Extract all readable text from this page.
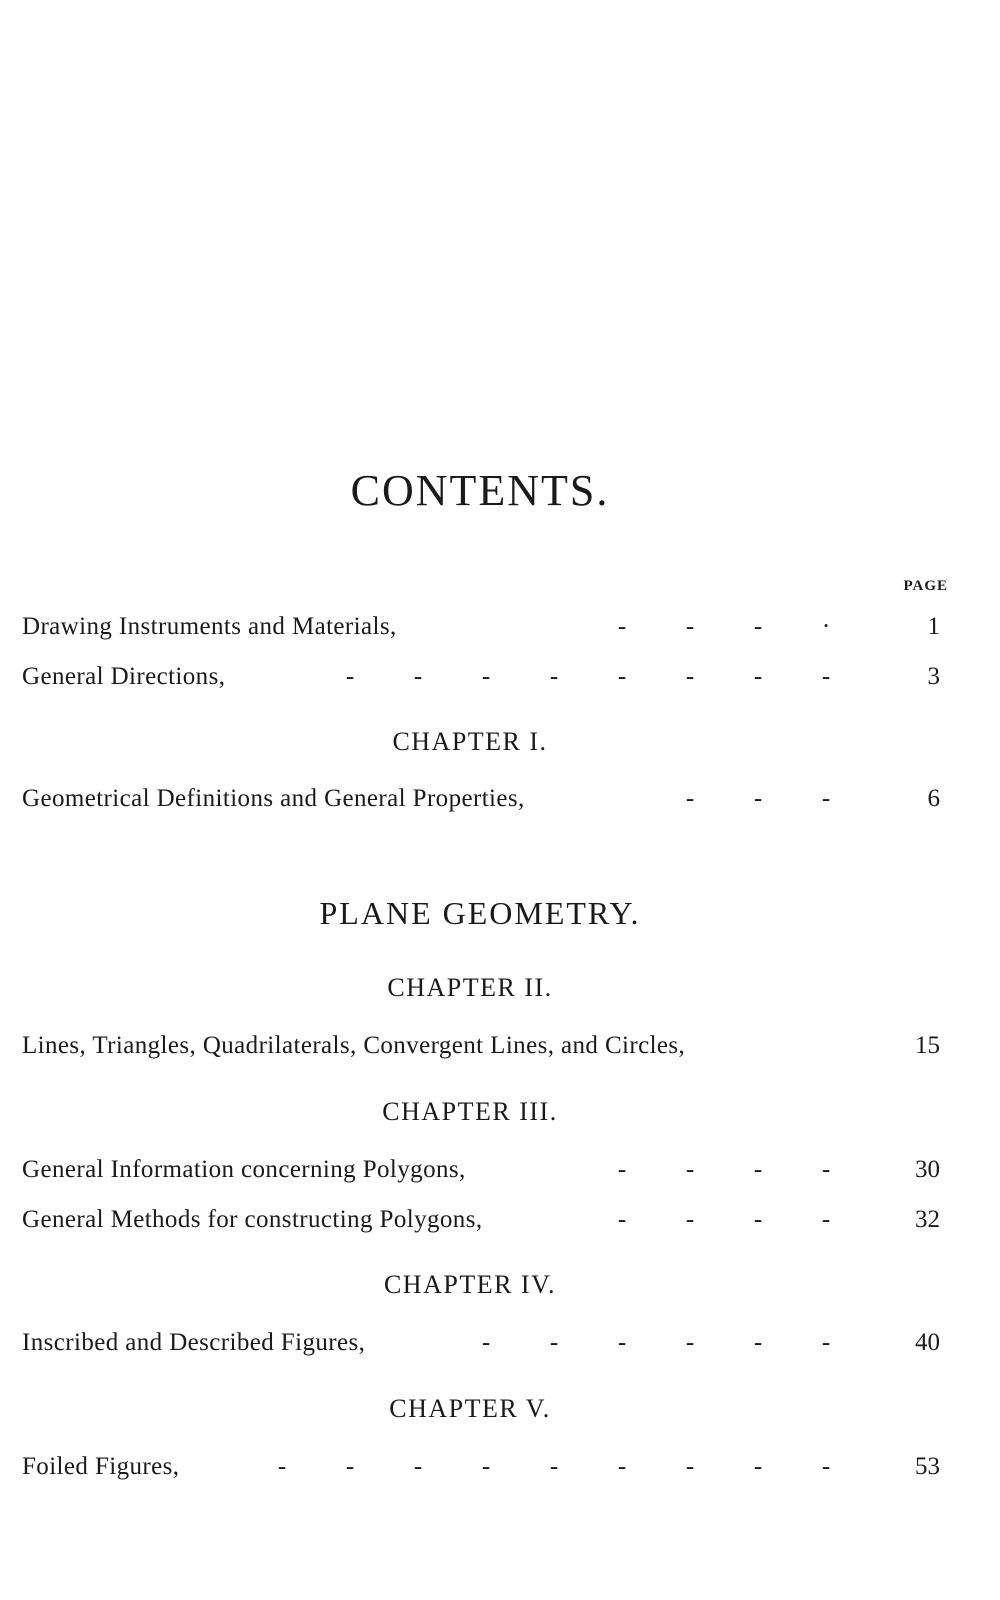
CONTENTS.
PAGE
Drawing Instruments and Materials,	- - - ·	1
General Directions,	- - - - - - - -	3
CHAPTER I.
Geometrical Definitions and General Properties,	- - -	6
PLANE GEOMETRY.
CHAPTER II.
Lines, Triangles, Quadrilaterals, Convergent Lines, and Circles,	15
CHAPTER III.
General Information concerning Polygons,	- - - -	30
General Methods for constructing Polygons,	- - - -	32
CHAPTER IV.
Inscribed and Described Figures,	- - - - - -	40
CHAPTER V.
Foiled Figures,	- - - - - - - - -	53
